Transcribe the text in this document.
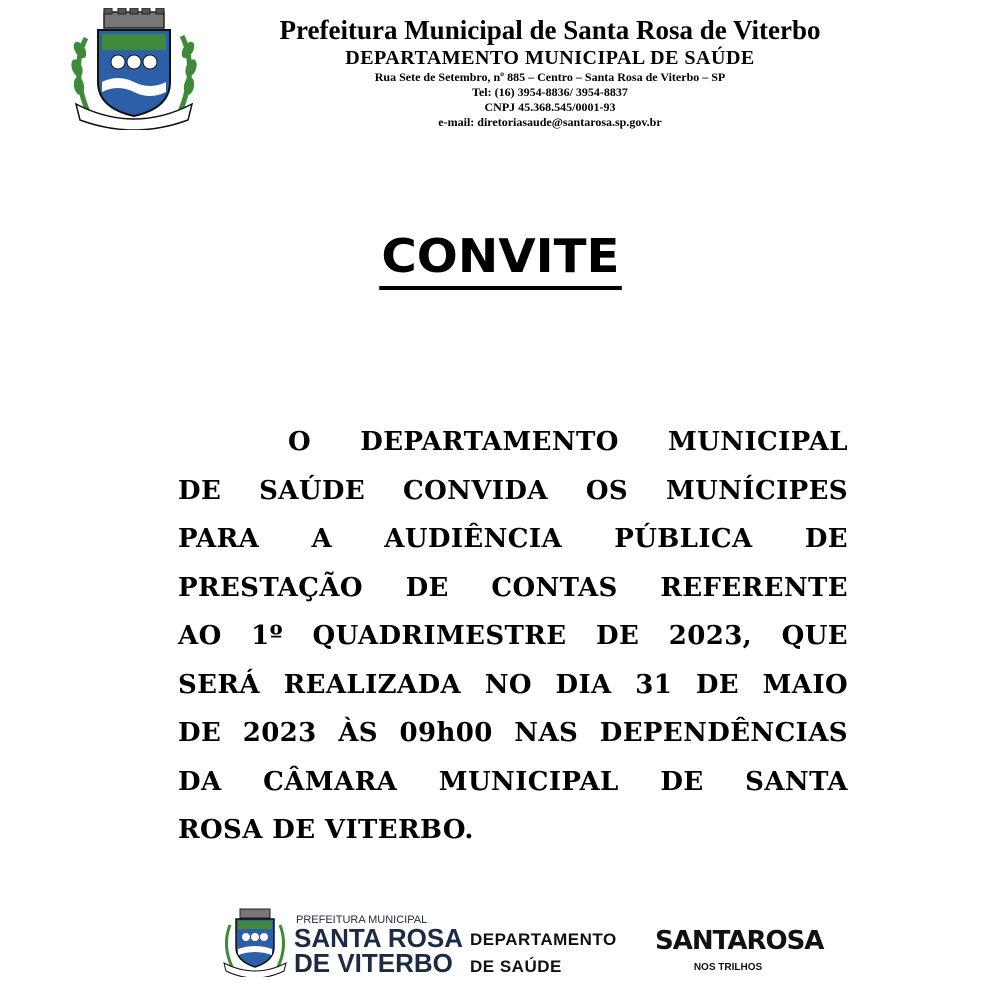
Prefeitura Municipal de Santa Rosa de Viterbo
DEPARTAMENTO MUNICIPAL DE SAÚDE
Rua Sete de Setembro, nº 885 – Centro – Santa Rosa de Viterbo – SP
Tel: (16) 3954-8836/ 3954-8837
CNPJ 45.368.545/0001-93
e-mail: diretoriasaude@santarosa.sp.gov.br
CONVITE
O DEPARTAMENTO MUNICIPAL
DE SAÚDE CONVIDA OS MUNÍCIPES
PARA A AUDIÊNCIA PÚBLICA DE
PRESTAÇÃO DE CONTAS REFERENTE
AO 1º QUADRIMESTRE DE 2023, QUE
SERÁ REALIZADA NO DIA 31 DE MAIO
DE 2023 ÀS 09h00 NAS DEPENDÊNCIAS
DA CÂMARA MUNICIPAL DE SANTA
ROSA DE VITERBO.
PREFEITURA MUNICIPAL
SANTA ROSA
DE VITERBO
DEPARTAMENTO
DE SAÚDE
SANTAROSA
NOS TRILHOS
